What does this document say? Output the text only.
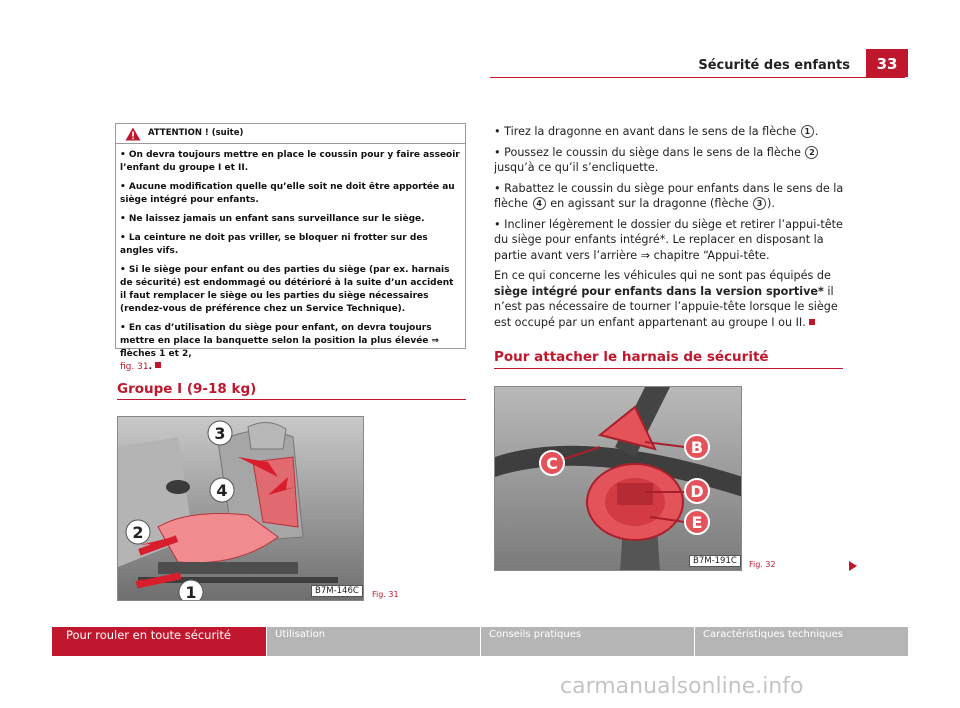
Sécurité des enfants	33
ATTENTION ! (suite)

• On devra toujours mettre en place le coussin pour y faire asseoir l’enfant du groupe I et II.

• Aucune modification quelle qu’elle soit ne doit être apportée au siège intégré pour enfants.

• Ne laissez jamais un enfant sans surveillance sur le siège.

• La ceinture ne doit pas vriller, se bloquer ni frotter sur des angles vifs.

• Si le siège pour enfant ou des parties du siège (par ex. harnais de sécurité) est endommagé ou détérioré à la suite d’un accident il faut remplacer le siège ou les parties du siège nécessaires (rendez-vous de préférence chez un Service Technique).

• En cas d’utilisation du siège pour enfant, on devra toujours mettre en place la banquette selon la position la plus élevée ⇒ flèches 1 et 2,
fig. 31.

Groupe I (9-18 kg)
1
2
3
4
B7M-146C	Fig. 31

• Tirez la dragonne en avant dans le sens de la flèche 1 .

• Poussez le coussin du siège dans le sens de la flèche 2 jusqu’à ce qu’il s’encliquette.

• Rabattez le coussin du siège pour enfants dans le sens de la flèche 4 en agissant sur la dragonne (flèche 3 ).

• Incliner légèrement le dossier du siège et retirer l’appui-tête du siège pour enfants intégré*. Le replacer en disposant la partie avant vers l’arrière ⇒ chapitre “Appui-tête.

En ce qui concerne les véhicules qui ne sont pas équipés de siège intégré pour enfants dans la version sportive* il n’est pas nécessaire de tourner l’appuie-tête lorsque le siège est occupé par un enfant appartenant au groupe I ou II.

Pour attacher le harnais de sécurité
B
C
D
E
B7M-191C	Fig. 32
Pour rouler en toute sécurité	Utilisation	Conseils pratiques	Caractéristiques techniques
carmanualsonline.info
